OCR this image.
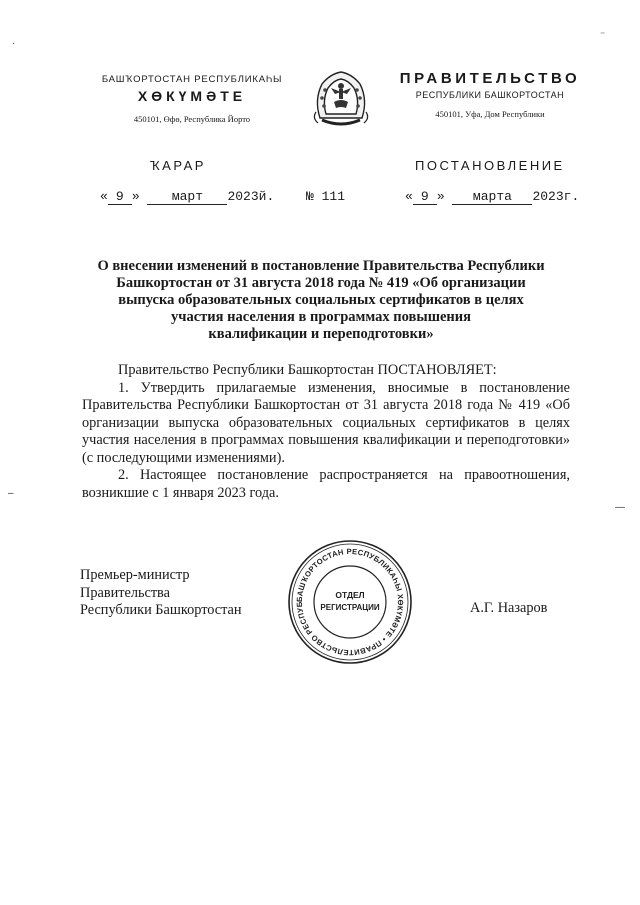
⁻
·
–
—
БАШҠОРТОСТАН РЕСПУБЛИКАҺЫ
ХӨКҮМӘТЕ
450101, Өфө, Республика Йорто
ПРАВИТЕЛЬСТВО
РЕСПУБЛИКИ БАШКОРТОСТАН
450101, Уфа, Дом Республики
ҠАРАР	ПОСТАНОВЛЕНИЕ
« 9 » март 2023й. № 111	« 9 » марта 2023г.
О внесении изменений в постановление Правительства Республики
Башкортостан от 31 августа 2018 года № 419 «Об организации
выпуска образовательных социальных сертификатов в целях
участия населения в программах повышения
квалификации и переподготовки»

Правительство Республики Башкортостан ПОСТАНОВЛЯЕТ:

1. Утвердить прилагаемые изменения, вносимые в постановление Правительства Республики Башкортостан от 31 августа 2018 года № 419 «Об организации выпуска образовательных социальных сертификатов в целях участия населения в программах повышения квалификации и переподготовки» (с последующими изменениями).

2. Настоящее постановление распространяется на правоотношения, возникшие с 1 января 2023 года.

Премьер-министр
Правительства
Республики Башкортостан	А.Г. Назаров
БАШҠОРТОСТАН РЕСПУБЛИКАҺЫ ХӨКҮМӘТЕ • ПРАВИТЕЛЬСТВО РЕСПУБ
ОТДЕЛ
РЕГИСТРАЦИИ
